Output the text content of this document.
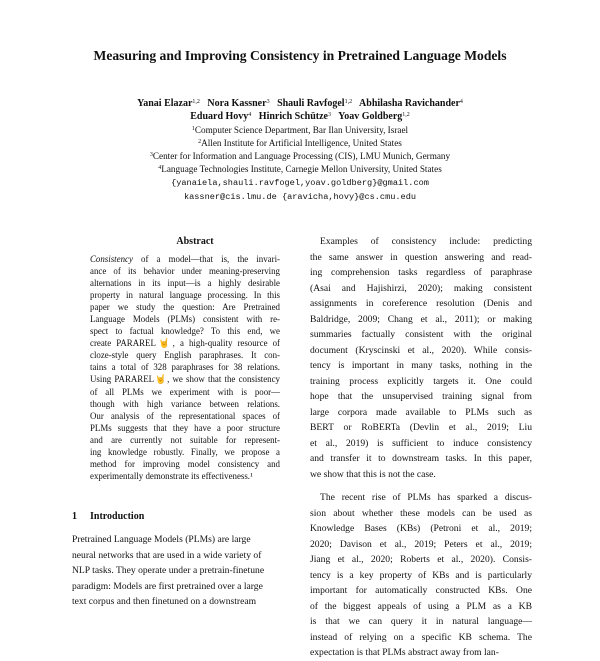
Measuring and Improving Consistency in Pretrained Language Models
Yanai Elazar$^{1,2}$ Nora Kassner$^3$ Shauli Ravfogel$^{1,2}$ Abhilasha Ravichander$^4$
Eduard Hovy$^4$ Hinrich Schütze$^3$ Yoav Goldberg$^{1,2}$
$^1$Computer Science Department, Bar Ilan University, Israel
$^2$Allen Institute for Artificial Intelligence, United States
$^3$Center for Information and Language Processing (CIS), LMU Munich, Germany
$^4$Language Technologies Institute, Carnegie Mellon University, United States
{yanaiela,shauli.ravfogel,yoav.goldberg}@gmail.com
kassner@cis.lmu.de {aravicha,hovy}@cs.cmu.edu
Abstract
Consistency of a model—that is, the invari-
ance of its behavior under meaning-preserving
alternations in its input—is a highly desirable
property in natural language processing. In this
paper we study the question: Are Pretrained
Language Models (PLMs) consistent with re-
spect to factual knowledge? To this end, we
create PARAREL🤘, a high-quality resource of
cloze-style query English paraphrases. It con-
tains a total of 328 paraphrases for 38 relations.
Using PARAREL🤘, we show that the consistency
of all PLMs we experiment with is poor—
though with high variance between relations.
Our analysis of the representational spaces of
PLMs suggests that they have a poor structure
and are currently not suitable for represent-
ing knowledge robustly. Finally, we propose a
method for improving model consistency and
experimentally demonstrate its effectiveness.¹
1 Introduction
Pretrained Language Models (PLMs) are large
neural networks that are used in a wide variety of
NLP tasks. They operate under a pretrain-finetune
paradigm: Models are first pretrained over a large
text corpus and then finetuned on a downstream
Examples of consistency include: predicting
the same answer in question answering and read-
ing comprehension tasks regardless of paraphrase
(Asai and Hajishirzi, 2020); making consistent
assignments in coreference resolution (Denis and
Baldridge, 2009; Chang et al., 2011); or making
summaries factually consistent with the original
document (Kryscinski et al., 2020). While consis-
tency is important in many tasks, nothing in the
training process explicitly targets it. One could
hope that the unsupervised training signal from
large corpora made available to PLMs such as
BERT or RoBERTa (Devlin et al., 2019; Liu
et al., 2019) is sufficient to induce consistency
and transfer it to downstream tasks. In this paper,
we show that this is not the case.
The recent rise of PLMs has sparked a discus-
sion about whether these models can be used as
Knowledge Bases (KBs) (Petroni et al., 2019;
2020; Davison et al., 2019; Peters et al., 2019;
Jiang et al., 2020; Roberts et al., 2020). Consis-
tency is a key property of KBs and is particularly
important for automatically constructed KBs. One
of the biggest appeals of using a PLM as a KB
is that we can query it in natural language—
instead of relying on a specific KB schema. The
expectation is that PLMs abstract away from lan-
